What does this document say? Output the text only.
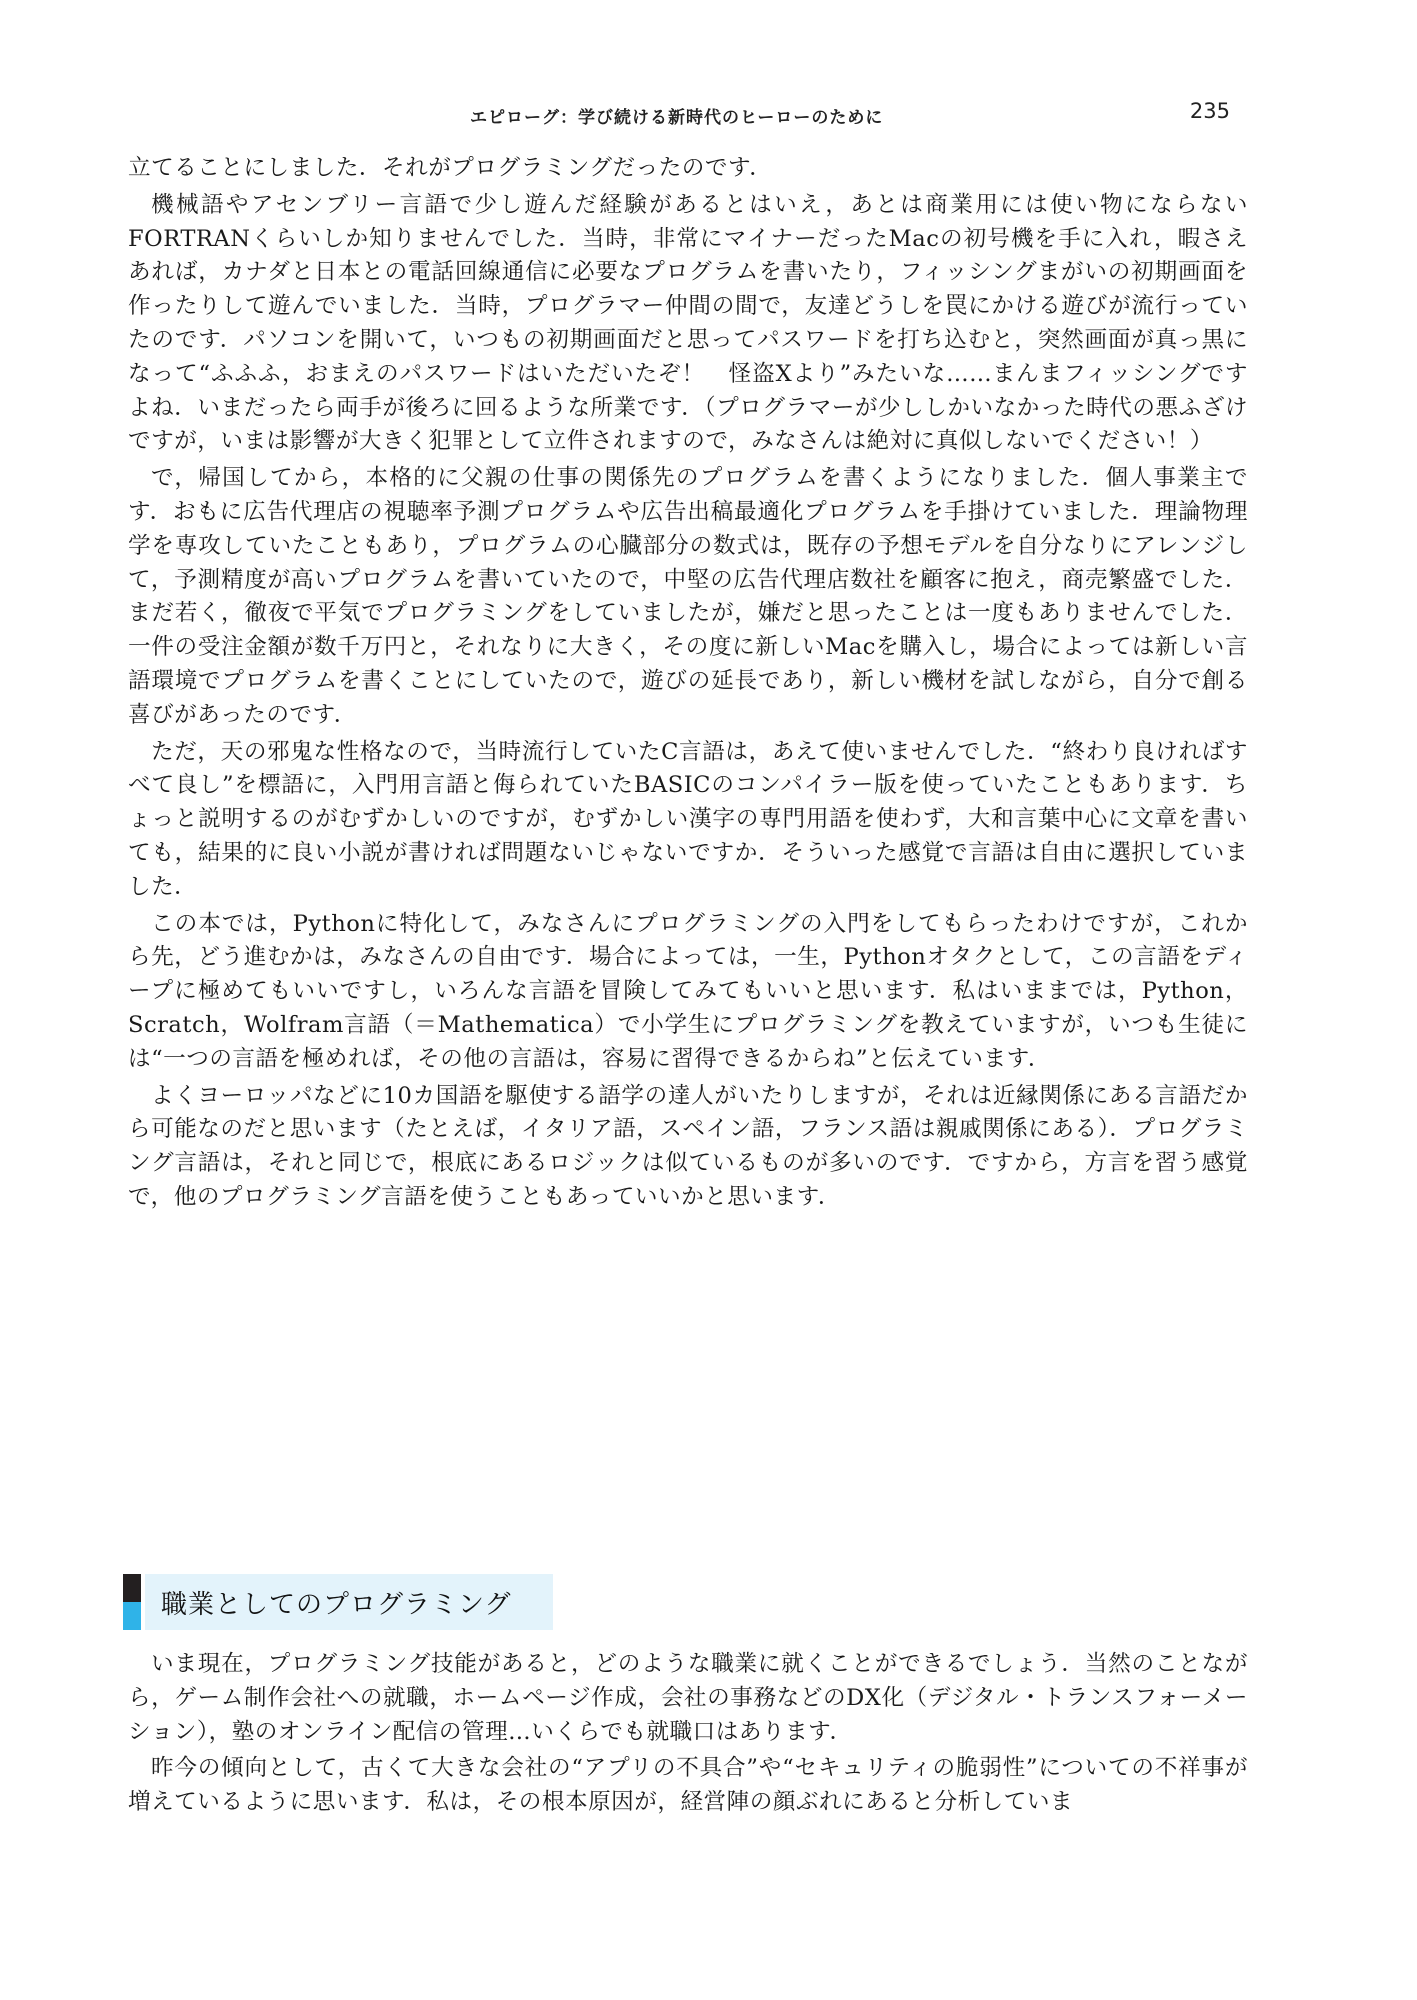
エピローグ：学び続ける新時代のヒーローのために	235

立てることにしました．それがプログラミングだったのです．

機械語やアセンブリー言語で少し遊んだ経験があるとはいえ，あとは商業用には使い物にならないFORTRANくらいしか知りませんでした．当時，非常にマイナーだったMacの初号機を手に入れ，暇さえあれば，カナダと日本との電話回線通信に必要なプログラムを書いたり，フィッシングまがいの初期画面を作ったりして遊んでいました．当時，プログラマー仲間の間で，友達どうしを罠にかける遊びが流行っていたのです．パソコンを開いて，いつもの初期画面だと思ってパスワードを打ち込むと，突然画面が真っ黒になって“ふふふ，おまえのパスワードはいただいたぞ！　怪盗Xより”みたいな……まんまフィッシングですよね．いまだったら両手が後ろに回るような所業です．（プログラマーが少ししかいなかった時代の悪ふざけですが，いまは影響が大きく犯罪として立件されますので，みなさんは絶対に真似しないでください！）

で，帰国してから，本格的に父親の仕事の関係先のプログラムを書くようになりました．個人事業主です．おもに広告代理店の視聴率予測プログラムや広告出稿最適化プログラムを手掛けていました．理論物理学を専攻していたこともあり，プログラムの心臓部分の数式は，既存の予想モデルを自分なりにアレンジして，予測精度が高いプログラムを書いていたので，中堅の広告代理店数社を顧客に抱え，商売繁盛でした．まだ若く，徹夜で平気でプログラミングをしていましたが，嫌だと思ったことは一度もありませんでした．一件の受注金額が数千万円と，それなりに大きく，その度に新しいMacを購入し，場合によっては新しい言語環境でプログラムを書くことにしていたので，遊びの延長であり，新しい機材を試しながら，自分で創る喜びがあったのです．

ただ，天の邪鬼な性格なので，当時流行していたC言語は，あえて使いませんでした．“終わり良ければすべて良し”を標語に，入門用言語と侮られていたBASICのコンパイラー版を使っていたこともあります．ちょっと説明するのがむずかしいのですが，むずかしい漢字の専門用語を使わず，大和言葉中心に文章を書いても，結果的に良い小説が書ければ問題ないじゃないですか．そういった感覚で言語は自由に選択していました．

この本では，Pythonに特化して，みなさんにプログラミングの入門をしてもらったわけですが，これから先，どう進むかは，みなさんの自由です．場合によっては，一生，Pythonオタクとして，この言語をディープに極めてもいいですし，いろんな言語を冒険してみてもいいと思います．私はいままでは，Python，Scratch，Wolfram言語（＝Mathematica）で小学生にプログラミングを教えていますが，いつも生徒には“一つの言語を極めれば，その他の言語は，容易に習得できるからね”と伝えています．

よくヨーロッパなどに10カ国語を駆使する語学の達人がいたりしますが，それは近縁関係にある言語だから可能なのだと思います（たとえば，イタリア語，スペイン語，フランス語は親戚関係にある）．プログラミング言語は，それと同じで，根底にあるロジックは似ているものが多いのです．ですから，方言を習う感覚で，他のプログラミング言語を使うこともあっていいかと思います．

職業としてのプログラミング

いま現在，プログラミング技能があると，どのような職業に就くことができるでしょう．当然のことながら，ゲーム制作会社への就職，ホームページ作成，会社の事務などのDX化（デジタル・トランスフォーメーション），塾のオンライン配信の管理…いくらでも就職口はあります．

昨今の傾向として，古くて大きな会社の“アプリの不具合”や“セキュリティの脆弱性”についての不祥事が増えているように思います．私は，その根本原因が，経営陣の顔ぶれにあると分析していま
